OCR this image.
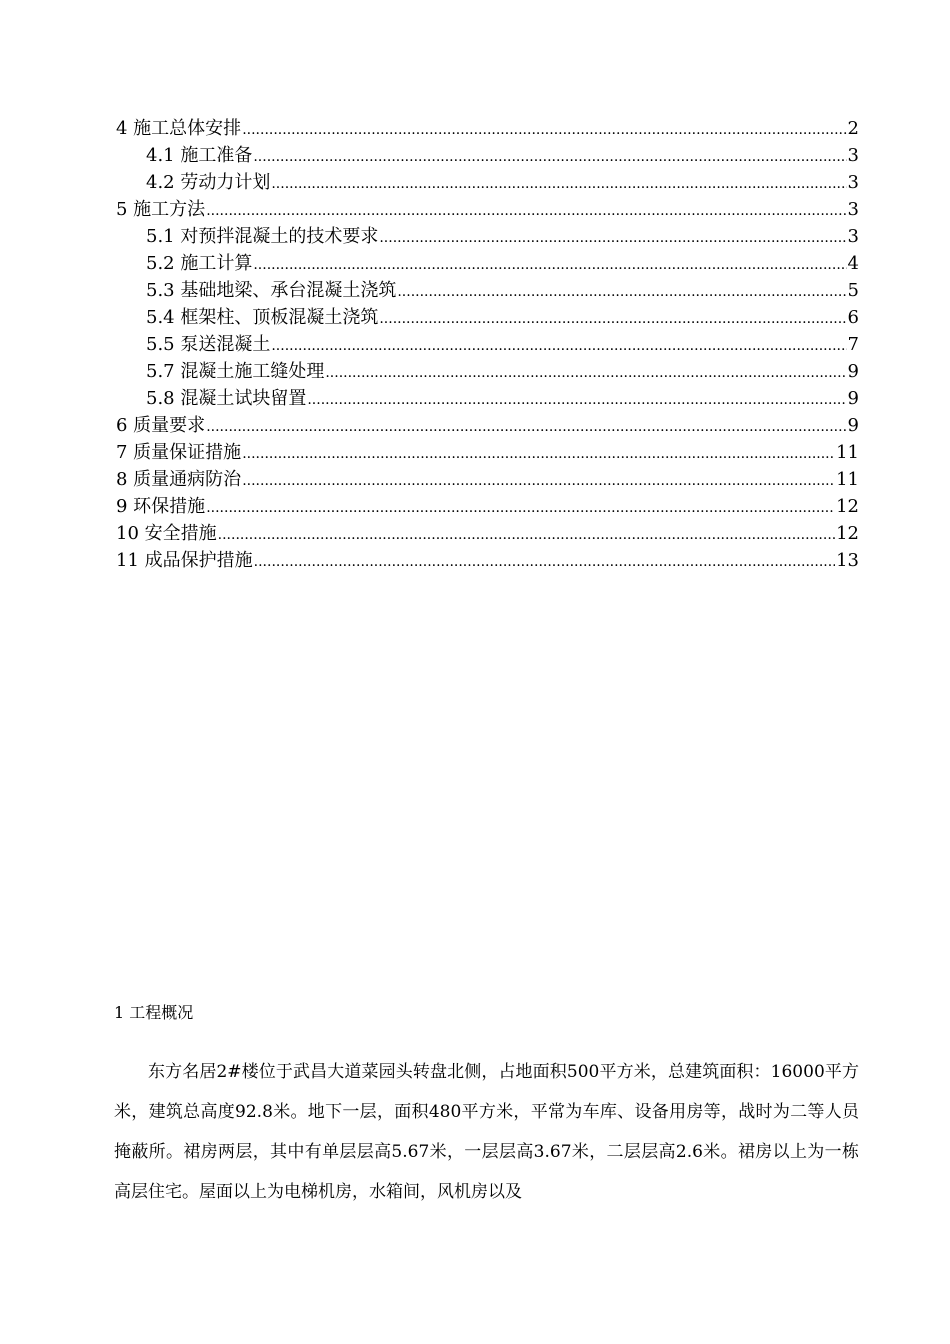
4 施工总体安排 .....	2
4.1 施工准备 .....	3
4.2 劳动力计划 .....	3
5 施工方法 .....	3
5.1 对预拌混凝土的技术要求 .....	3
5.2 施工计算 .....	4
5.3 基础地梁、承台混凝土浇筑 .....	5
5.4 框架柱、顶板混凝土浇筑 .....	6
5.5 泵送混凝土 .....	7
5.7 混凝土施工缝处理 .....	9
5.8 混凝土试块留置 .....	9
6 质量要求 .....	9
7 质量保证措施 .....	11
8 质量通病防治 .....	11
9 环保措施 .....	12
10 安全措施 .....	12
11 成品保护措施 .....	13
1 工程概况

东方名居2#楼位于武昌大道菜园头转盘北侧，占地面积500平方米，总建筑面积：16000平方米，建筑总高度92.8米。地下一层，面积480平方米，平常为车库、设备用房等，战时为二等人员掩蔽所。裙房两层，其中有单层层高5.67米，一层层高3.67米，二层层高2.6米。裙房以上为一栋高层住宅。屋面以上为电梯机房，水箱间，风机房以及
